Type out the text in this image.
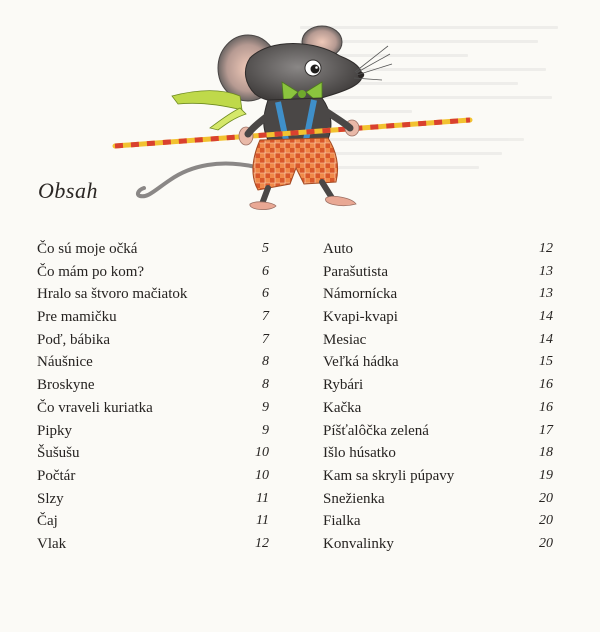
Obsah
Čo sú moje očká	5
Čo mám po kom?	6
Hralo sa štvoro mačiatok	6
Pre mamičku	7
Poď, bábika	7
Náušnice	8
Broskyne	8
Čo vraveli kuriatka	9
Pipky	9
Šušušu	10
Počtár	10
Slzy	11
Čaj	11
Vlak	12
Auto	12
Parašutista	13
Námornícka	13
Kvapi-kvapi	14
Mesiac	14
Veľká hádka	15
Rybári	16
Kačka	16
Píšťalôčka zelená	17
Išlo húsatko	18
Kam sa skryli púpavy	19
Snežienka	20
Fialka	20
Konvalinky	20
